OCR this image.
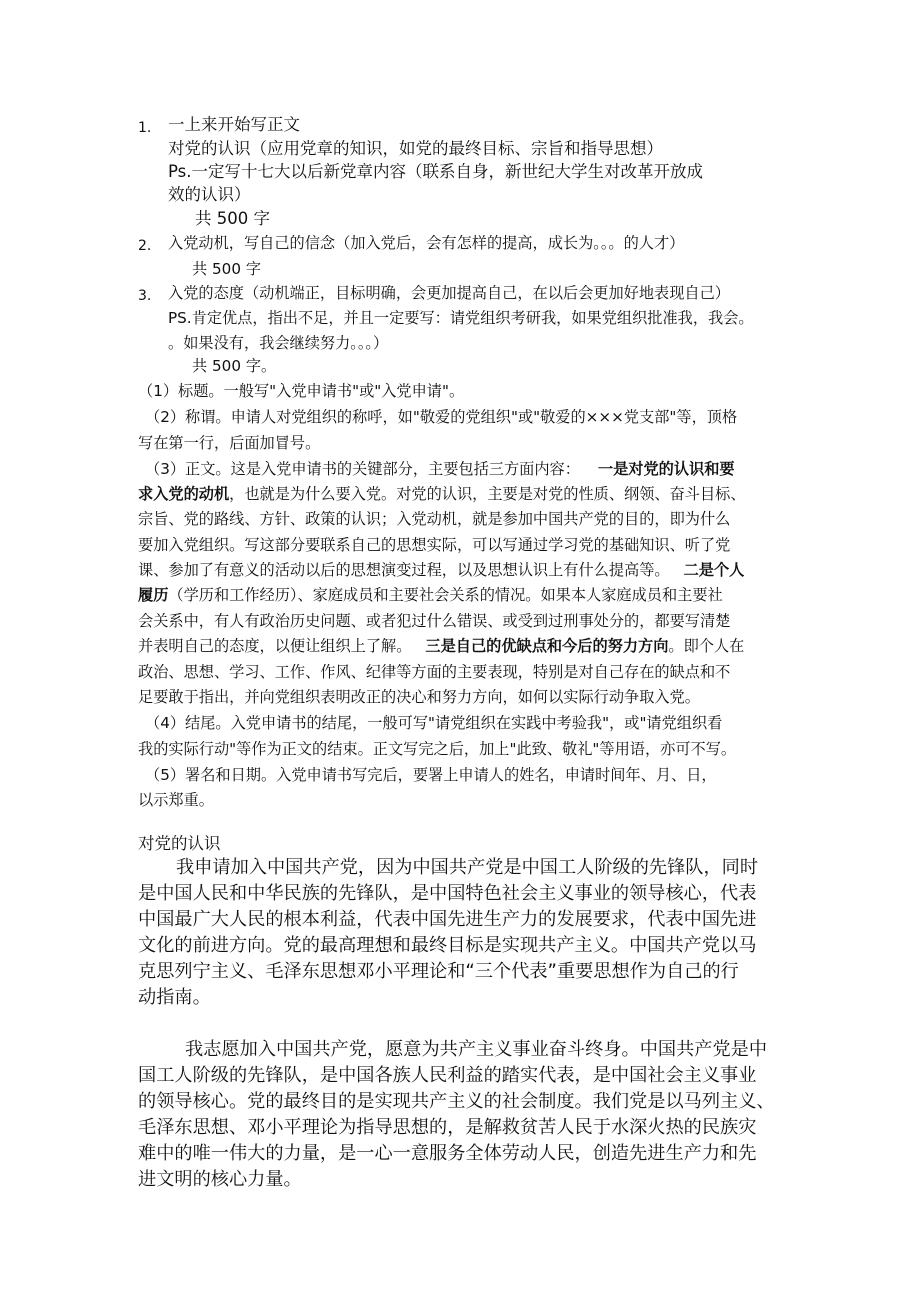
1. 一上来开始写正文
对党的认识（应用党章的知识，如党的最终目标、宗旨和指导思想）
Ps.一定写十七大以后新党章内容（联系自身，新世纪大学生对改革开放成
效的认识）
共 500 字
2. 入党动机，写自己的信念（加入党后，会有怎样的提高，成长为。。。的人才）
共 500 字
3. 入党的态度（动机端正，目标明确，会更加提高自己，在以后会更加好地表现自己）
PS.肯定优点，指出不足，并且一定要写：请党组织考研我，如果党组织批准我，我会。
。如果没有，我会继续努力。。。）
共 500 字。
（1）标题。一般写"入党申请书"或"入党申请"。
（2）称谓。申请人对党组织的称呼，如"敬爱的党组织"或"敬爱的×××党支部"等，顶格
写在第一行，后面加冒号。
（3）正文。这是入党申请书的关键部分，主要包括三方面内容： 一是对党的认识和要
求入党的动机，也就是为什么要入党。对党的认识，主要是对党的性质、纲领、奋斗目标、
宗旨、党的路线、方针、政策的认识；入党动机，就是参加中国共产党的目的，即为什么
要加入党组织。写这部分要联系自己的思想实际，可以写通过学习党的基础知识、听了党
课、参加了有意义的活动以后的思想演变过程，以及思想认识上有什么提高等。 二是个人
履历（学历和工作经历）、家庭成员和主要社会关系的情况。如果本人家庭成员和主要社
会关系中，有人有政治历史问题、或者犯过什么错误、或受到过刑事处分的，都要写清楚
并表明自己的态度，以便让组织上了解。 三是自己的优缺点和今后的努力方向。即个人在
政治、思想、学习、工作、作风、纪律等方面的主要表现，特别是对自己存在的缺点和不
足要敢于指出，并向党组织表明改正的决心和努力方向，如何以实际行动争取入党。
（4）结尾。入党申请书的结尾，一般可写"请党组织在实践中考验我"，或"请党组织看
我的实际行动"等作为正文的结束。正文写完之后，加上"此致、敬礼"等用语，亦可不写。
（5）署名和日期。入党申请书写完后，要署上申请人的姓名，申请时间年、月、日，
以示郑重。
对党的认识
我申请加入中国共产党，因为中国共产党是中国工人阶级的先锋队，同时
是中国人民和中华民族的先锋队，是中国特色社会主义事业的领导核心，代表
中国最广大人民的根本利益，代表中国先进生产力的发展要求，代表中国先进
文化的前进方向。党的最高理想和最终目标是实现共产主义。中国共产党以马
克思列宁主义、毛泽东思想邓小平理论和“三个代表”重要思想作为自己的行
动指南。
我志愿加入中国共产党，愿意为共产主义事业奋斗终身。中国共产党是中
国工人阶级的先锋队，是中国各族人民利益的踏实代表，是中国社会主义事业
的领导核心。党的最终目的是实现共产主义的社会制度。我们党是以马列主义、
毛泽东思想、邓小平理论为指导思想的，是解救贫苦人民于水深火热的民族灾
难中的唯一伟大的力量，是一心一意服务全体劳动人民，创造先进生产力和先
进文明的核心力量。
